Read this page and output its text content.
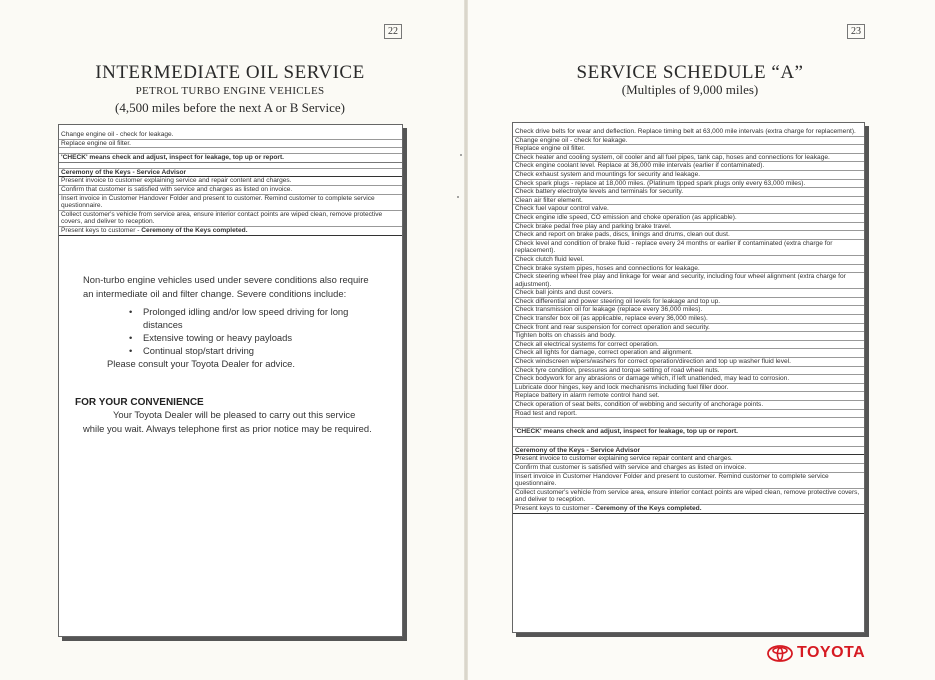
22
INTERMEDIATE OIL SERVICE
PETROL TURBO ENGINE VEHICLES
(4,500 miles before the next A or B Service)
Change engine oil - check for leakage.
Replace engine oil filter.
'CHECK' means check and adjust, inspect for leakage, top up or report.
Ceremony of the Keys - Service Advisor
Present invoice to customer explaining service and repair content and charges.
Confirm that customer is satisfied with service and charges as listed on invoice.
Insert invoice in Customer Handover Folder and present to customer. Remind customer to complete service questionnaire.
Collect customer's vehicle from service area, ensure interior contact points are wiped clean, remove protective covers, and deliver to reception.
Present keys to customer - Ceremony of the Keys completed.
Non-turbo engine vehicles used under severe conditions also require an intermediate oil and filter change. Severe conditions include:
• Prolonged idling and/or low speed driving for long distances
• Extensive towing or heavy payloads
• Continual stop/start driving
Please consult your Toyota Dealer for advice.
FOR YOUR CONVENIENCE
Your Toyota Dealer will be pleased to carry out this service while you wait. Always telephone first as prior notice may be required.
23
SERVICE SCHEDULE “A”
(Multiples of 9,000 miles)
Check drive belts for wear and deflection. Replace timing belt at 63,000 mile intervals (extra charge for replacement).
Change engine oil - check for leakage.
Replace engine oil filter.
Check heater and cooling system, oil cooler and all fuel pipes, tank cap, hoses and connections for leakage.
Check engine coolant level. Replace at 36,000 mile intervals (earlier if contaminated).
Check exhaust system and mountings for security and leakage.
Check spark plugs - replace at 18,000 miles. (Platinum tipped spark plugs only every 63,000 miles).
Check battery electrolyte levels and terminals for security.
Clean air filter element.
Check fuel vapour control valve.
Check engine idle speed, CO emission and choke operation (as applicable).
Check brake pedal free play and parking brake travel.
Check and report on brake pads, discs, linings and drums, clean out dust.
Check level and condition of brake fluid - replace every 24 months or earlier if contaminated (extra charge for replacement).
Check clutch fluid level.
Check brake system pipes, hoses and connections for leakage.
Check steering wheel free play and linkage for wear and security, including four wheel alignment (extra charge for adjustment).
Check ball joints and dust covers.
Check differential and power steering oil levels for leakage and top up.
Check transmission oil for leakage (replace every 36,000 miles).
Check transfer box oil (as applicable, replace every 36,000 miles).
Check front and rear suspension for correct operation and security.
Tighten bolts on chassis and body.
Check all electrical systems for correct operation.
Check all lights for damage, correct operation and alignment.
Check windscreen wipers/washers for correct operation/direction and top up washer fluid level.
Check tyre condition, pressures and torque setting of road wheel nuts.
Check bodywork for any abrasions or damage which, if left unattended, may lead to corrosion.
Lubricate door hinges, key and lock mechanisms including fuel filler door.
Replace battery in alarm remote control hand set.
Check operation of seat belts, condition of webbing and security of anchorage points.
Road test and report.
'CHECK' means check and adjust, inspect for leakage, top up or report.
Ceremony of the Keys - Service Advisor
Present invoice to customer explaining service repair content and charges.
Confirm that customer is satisfied with service and charges as listed on invoice.
Insert invoice in Customer Handover Folder and present to customer. Remind customer to complete service questionnaire.
Collect customer's vehicle from service area, ensure interior contact points are wiped clean, remove protective covers, and deliver to reception.
Present keys to customer - Ceremony of the Keys completed.
TOYOTA
